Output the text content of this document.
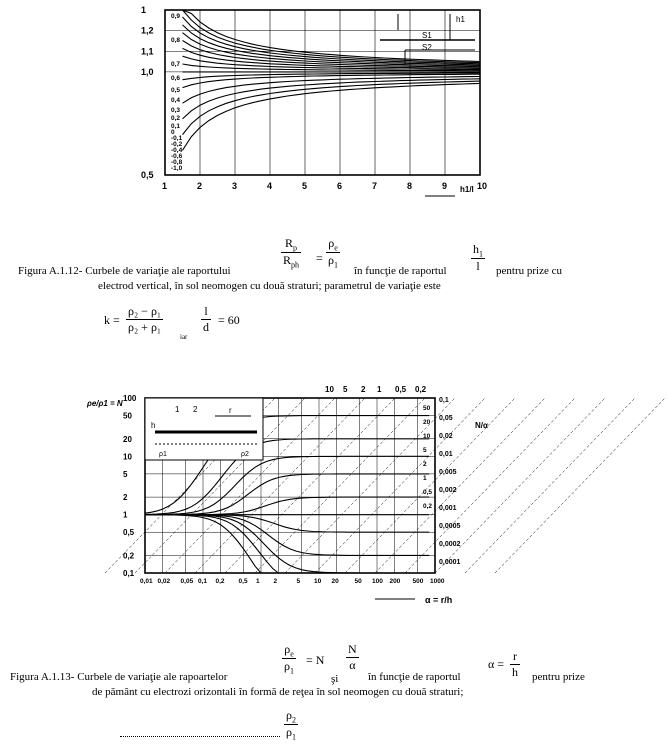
1	2	3	4	5	6	7	8	9	10
0,5
1,0
1,1
1,2
1
0,9
0,8
0,7
0,6
0,5
0,4
0,3
0,2
0,1
0
-0,1
-0,2
-0,4
-0,6
-0,8
-1,0
h1
S1
S2
h1/l
Figura A.1.12- Curbele de variaţie ale raportului
$R_p$
$R_{ph}$
= $\frac{\rho_e}{\rho_1}$
în funcţie de raportul $\frac{h_1}{l}$ pentru prize cu
electrod vertical, în sol neomogen cu două straturi; parametrul de variaţie este
$k = \frac{\text{ρ₂ − ρ₁}}{\text{ρ₂ + ρ₁}}$
iar
$\frac{l}{d} = 60$
0,01 0,02 0,05 0,1 0,2 0,5 1 2	5 10 20 50 100 200 500 1000
0,1
0,2
0,5
1
2
5
10
20
50
100
10 5 2 1 0,5 0,2
0,1
0,05
0,02
0,01
0,005
0,002
0,001
0,0005
0,0002
0,0001
N/α
50
20
10
5
2
1
0,5
0,2
r
h
1 2
ρ2
ρ1
ρe/ρ1 = N
α = r/h
Figura A.1.13- Curbele de variaţie ale rapoartelor
$\frac{\rho_e}{\rho_1} = N$
şi
$\frac{N}{\alpha}$
în funcţie de raportul
$\alpha = \frac{r}{h}$ pentru prize
de pământ cu electrozi orizontali în formă de reţea în sol neomogen cu două straturi;
$\frac{\rho_2}{\rho_1}$
